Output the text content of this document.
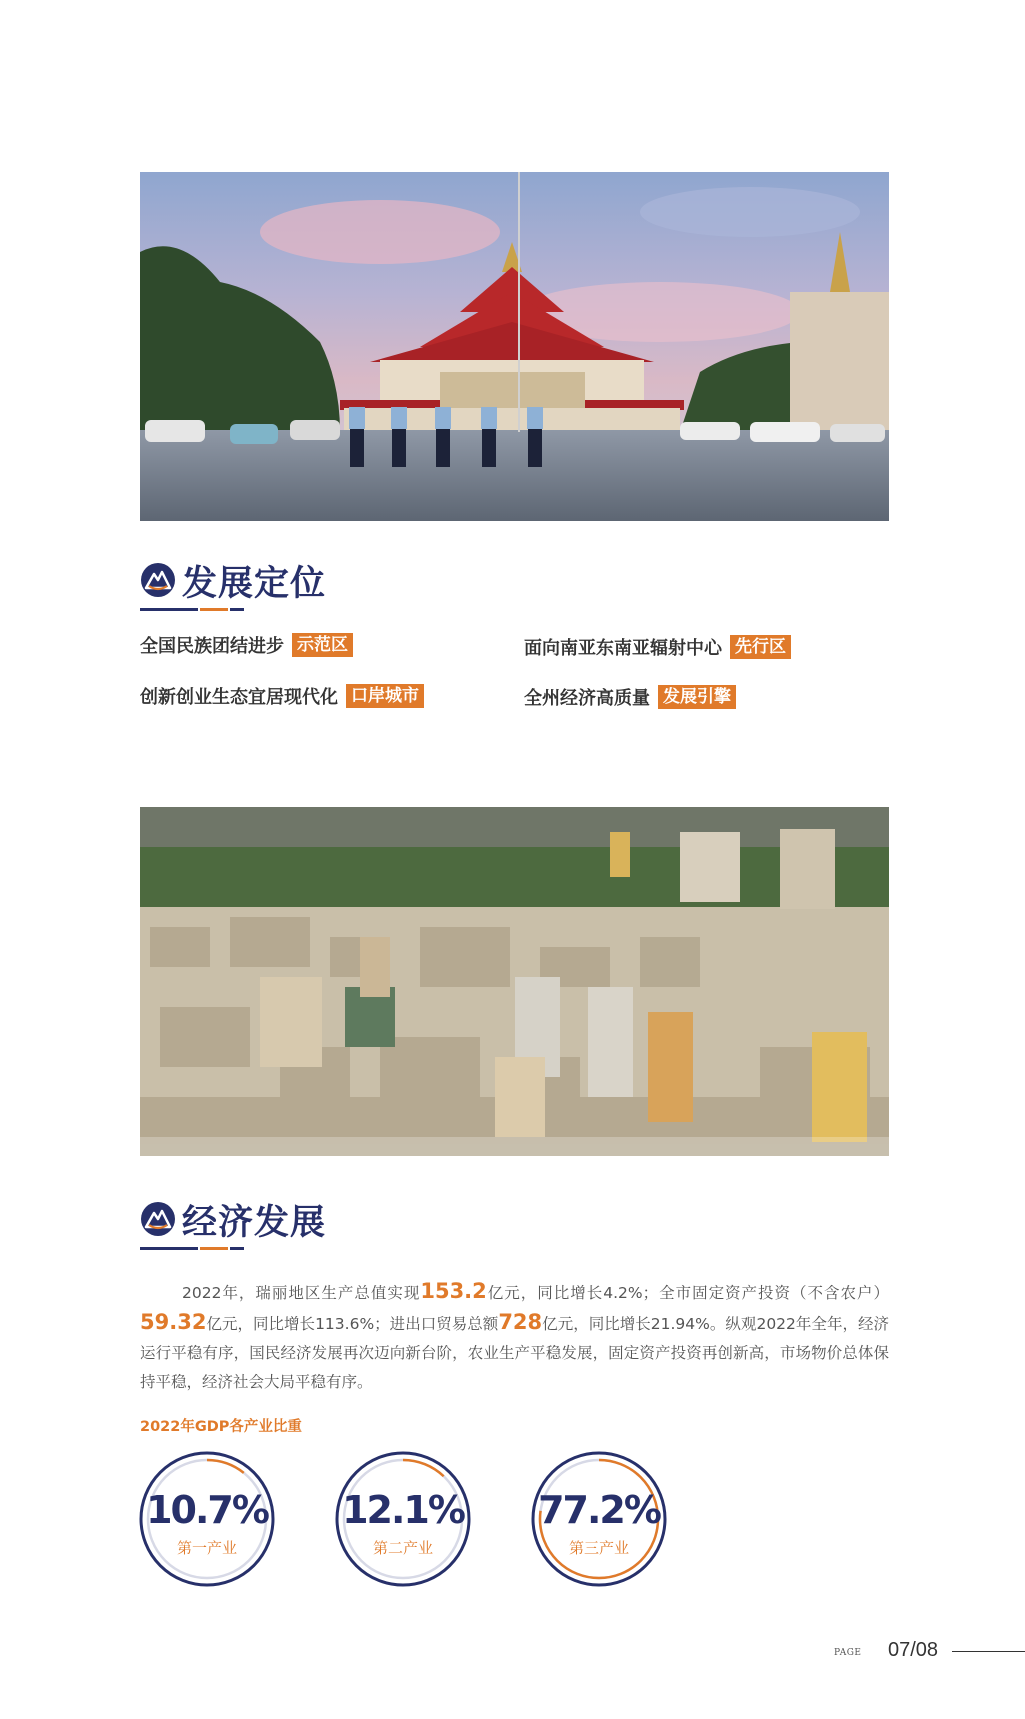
发展定位
全国民族团结进步 示范区	面向南亚东南亚辐射中心 先行区
创新创业生态宜居现代化 口岸城市	全州经济高质量 发展引擎
经济发展
2022年，瑞丽地区生产总值实现153.2亿元，同比增长4.2%；全市固定资产投资（不含农户）59.32亿元，同比增长113.6%；进出口贸易总额728亿元，同比增长21.94%。纵观2022年全年，经济运行平稳有序，国民经济发展再次迈向新台阶，农业生产平稳发展，固定资产投资再创新高，市场物价总体保持平稳，经济社会大局平稳有序。
2022年GDP各产业比重
10.7%
第一产业
12.1%
第二产业
77.2%
第三产业
PAGE 07/08
